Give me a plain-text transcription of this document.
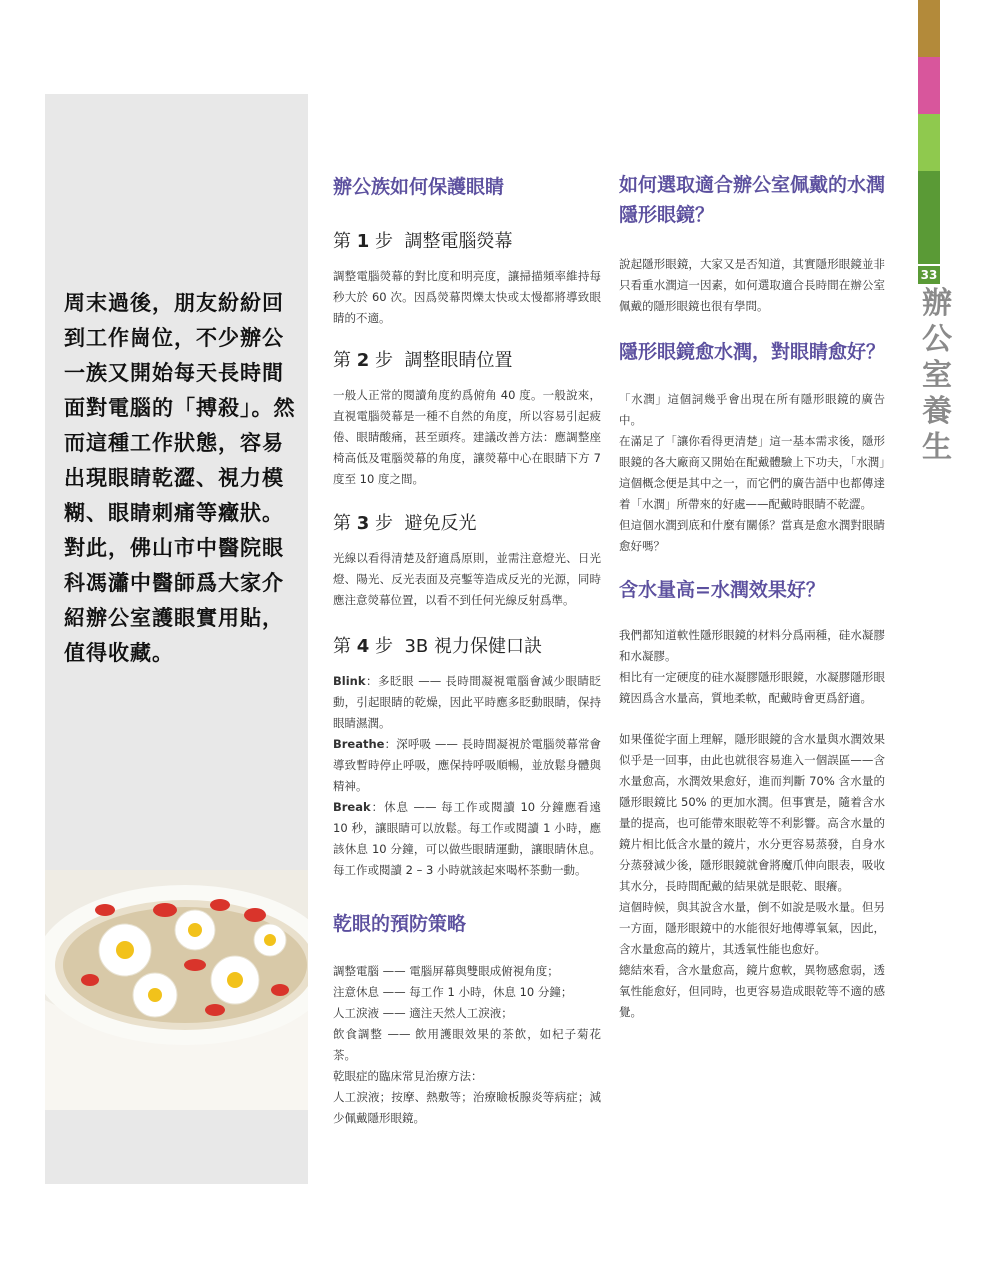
33
辦公室養生
周末過後，朋友紛紛回到工作崗位，不少辦公一族又開始每天長時間面對電腦的「搏殺」。然而這種工作狀態，容易出現眼睛乾澀、視力模糊、眼睛刺痛等癥狀。對此，佛山市中醫院眼科馮瀟中醫師爲大家介紹辦公室護眼實用貼，值得收藏。
辦公族如何保護眼睛
第 1 步 調整電腦熒幕
調整電腦熒幕的對比度和明亮度，讓掃描頻率維持每秒大於 60 次。因爲熒幕閃爍太快或太慢都將導致眼睛的不適。
第 2 步 調整眼睛位置
一般人正常的閱讀角度約爲俯角 40 度。一般說來，直視電腦熒幕是一種不自然的角度，所以容易引起疲倦、眼睛酸痛，甚至頭疼。建議改善方法：應調整座椅高低及電腦熒幕的角度，讓熒幕中心在眼睛下方 7 度至 10 度之間。
第 3 步 避免反光
光線以看得清楚及舒適爲原則，並需注意燈光、日光燈、陽光、反光表面及亮鏨等造成反光的光源，同時應注意熒幕位置，以看不到任何光線反射爲準。
第 4 步 3B 視力保健口訣
Blink：多眨眼 —— 長時間凝視電腦會減少眼睛眨動，引起眼睛的乾燥，因此平時應多眨動眼睛，保持眼睛濕潤。
Breathe：深呼吸 —— 長時間凝視於電腦熒幕常會導致暫時停止呼吸，應保持呼吸順暢，並放鬆身體與精神。
Break：休息 —— 每工作或閱讀 10 分鐘應看遠 10 秒，讓眼睛可以放鬆。每工作或閱讀 1 小時，應該休息 10 分鐘，可以做些眼睛運動，讓眼睛休息。每工作或閱讀 2 – 3 小時就該起來喝杯茶動一動。
乾眼的預防策略
調整電腦 —— 電腦屏幕與雙眼成俯視角度；
注意休息 —— 每工作 1 小時，休息 10 分鐘；
人工淚液 —— 適注天然人工淚液；
飲食調整 —— 飲用護眼效果的茶飲，如杞子菊花茶。
乾眼症的臨床常見治療方法：
人工淚液；按摩、熱敷等；治療瞼板腺炎等病症；減少佩戴隱形眼鏡。
如何選取適合辦公室佩戴的水潤隱形眼鏡？
說起隱形眼鏡，大家又是否知道，其實隱形眼鏡並非只看重水潤這一因素，如何選取適合長時間在辦公室佩戴的隱形眼鏡也很有學問。
隱形眼鏡愈水潤，對眼睛愈好？
「水潤」這個詞幾乎會出現在所有隱形眼鏡的廣告中。
在滿足了「讓你看得更清楚」這一基本需求後，隱形眼鏡的各大廠商又開始在配戴體驗上下功夫，「水潤」這個概念便是其中之一，而它們的廣告語中也都傳達着「水潤」所帶來的好處——配戴時眼睛不乾澀。
但這個水潤到底和什麼有關係？當真是愈水潤對眼睛愈好嗎？
含水量高=水潤效果好？
我們都知道軟性隱形眼鏡的材料分爲兩種，硅水凝膠和水凝膠。
相比有一定硬度的硅水凝膠隱形眼鏡，水凝膠隱形眼鏡因爲含水量高，質地柔軟，配戴時會更爲舒適。
如果僅從字面上理解，隱形眼鏡的含水量與水潤效果似乎是一回事，由此也就很容易進入一個誤區——含水量愈高，水潤效果愈好，進而判斷 70% 含水量的隱形眼鏡比 50% 的更加水潤。但事實是，隨着含水量的提高，也可能帶來眼乾等不利影響。高含水量的鏡片相比低含水量的鏡片，水分更容易蒸發，自身水分蒸發減少後，隱形眼鏡就會將魔爪伸向眼表，吸收其水分，長時間配戴的結果就是眼乾、眼癢。
這個時候，與其說含水量，倒不如說是吸水量。但另一方面，隱形眼鏡中的水能很好地傳導氧氣，因此，含水量愈高的鏡片，其透氧性能也愈好。
總結來看，含水量愈高，鏡片愈軟，異物感愈弱，透氧性能愈好，但同時，也更容易造成眼乾等不適的感覺。
